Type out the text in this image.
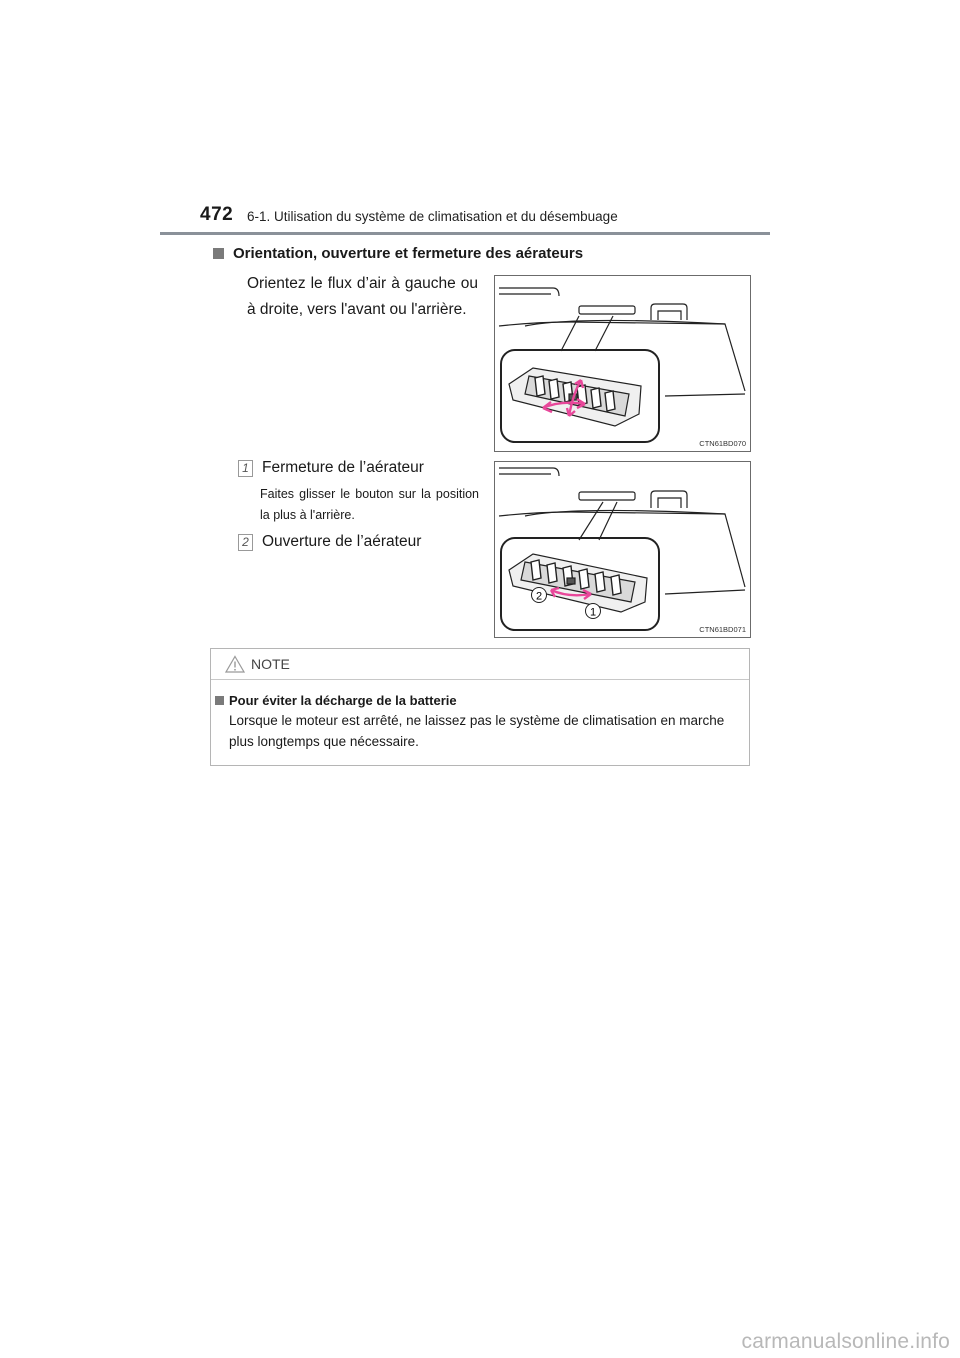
472 6-1. Utilisation du système de climatisation et du désembuage
Orientation, ouverture et fermeture des aérateurs
Orientez le flux d’air à gauche ou à droite, vers l'avant ou l'arrière.
CTN61BD070
1 Fermeture de l’aérateur
Faites glisser le bouton sur la position la plus à l'arrière.
2 Ouverture de l’aérateur
2
1
CTN61BD071
NOTE
Pour éviter la décharge de la batterie
Lorsque le moteur est arrêté, ne laissez pas le système de climatisation en marche plus longtemps que nécessaire.
carmanualsonline.info
